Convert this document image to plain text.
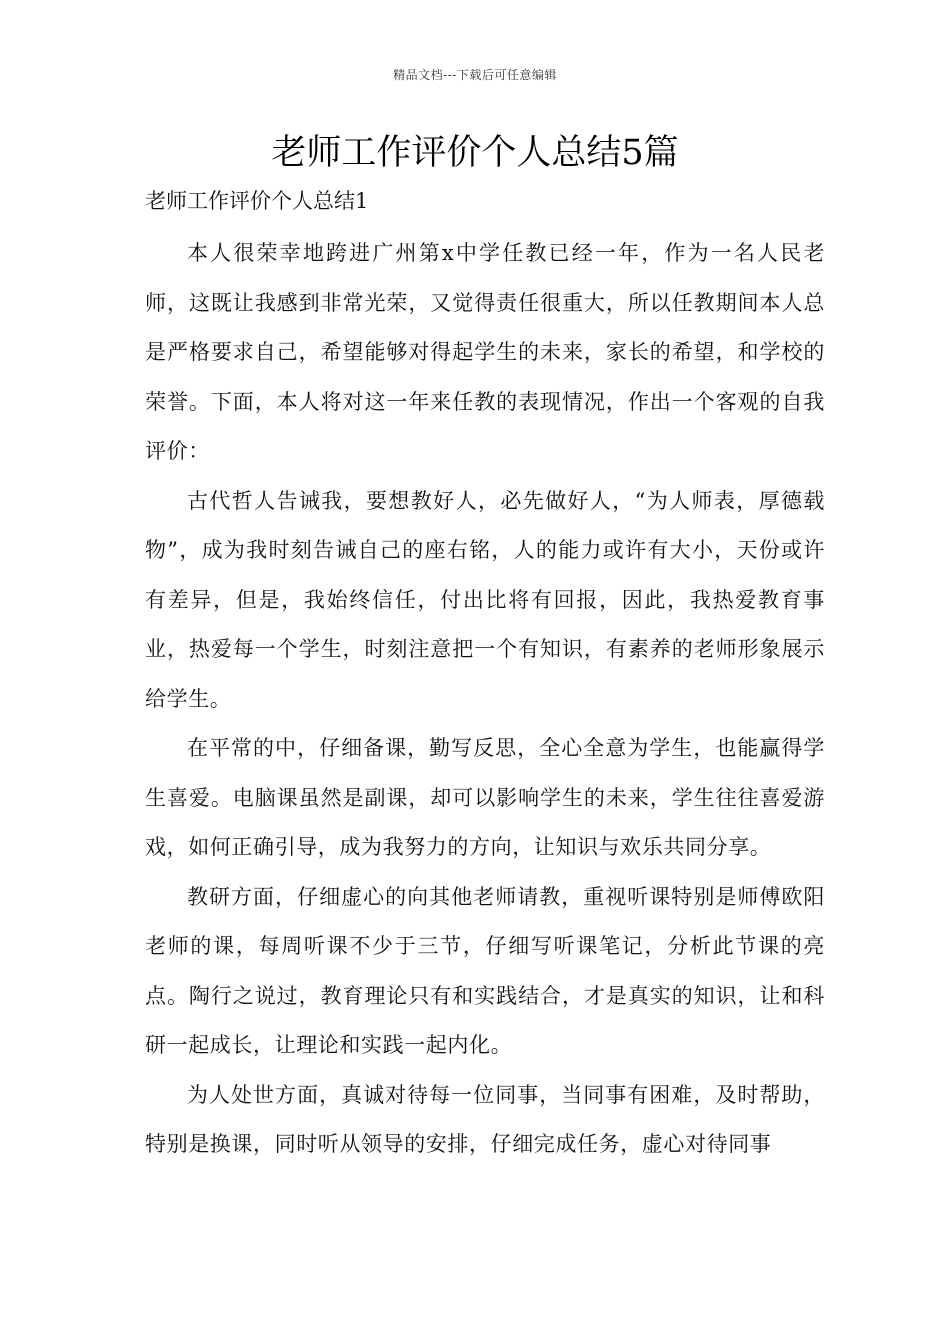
精品文档---下载后可任意编辑
老师工作评价个人总结5篇
老师工作评价个人总结1

本人很荣幸地跨进广州第x中学任教已经一年，作为一名人民老师，这既让我感到非常光荣，又觉得责任很重大，所以任教期间本人总是严格要求自己，希望能够对得起学生的未来，家长的希望，和学校的荣誉。下面，本人将对这一年来任教的表现情况，作出一个客观的自我评价：

古代哲人告诫我，要想教好人，必先做好人，“为人师表，厚德载物”，成为我时刻告诫自己的座右铭，人的能力或许有大小，天份或许有差异，但是，我始终信任，付出比将有回报，因此，我热爱教育事业，热爱每一个学生，时刻注意把一个有知识，有素养的老师形象展示给学生。

在平常的中，仔细备课，勤写反思，全心全意为学生，也能赢得学生喜爱。电脑课虽然是副课，却可以影响学生的未来，学生往往喜爱游戏，如何正确引导，成为我努力的方向，让知识与欢乐共同分享。

教研方面，仔细虚心的向其他老师请教，重视听课特别是师傅欧阳老师的课，每周听课不少于三节，仔细写听课笔记，分析此节课的亮点。陶行之说过，教育理论只有和实践结合，才是真实的知识，让和科研一起成长，让理论和实践一起内化。

为人处世方面，真诚对待每一位同事，当同事有困难，及时帮助，特别是换课，同时听从领导的安排，仔细完成任务，虚心对待同事
